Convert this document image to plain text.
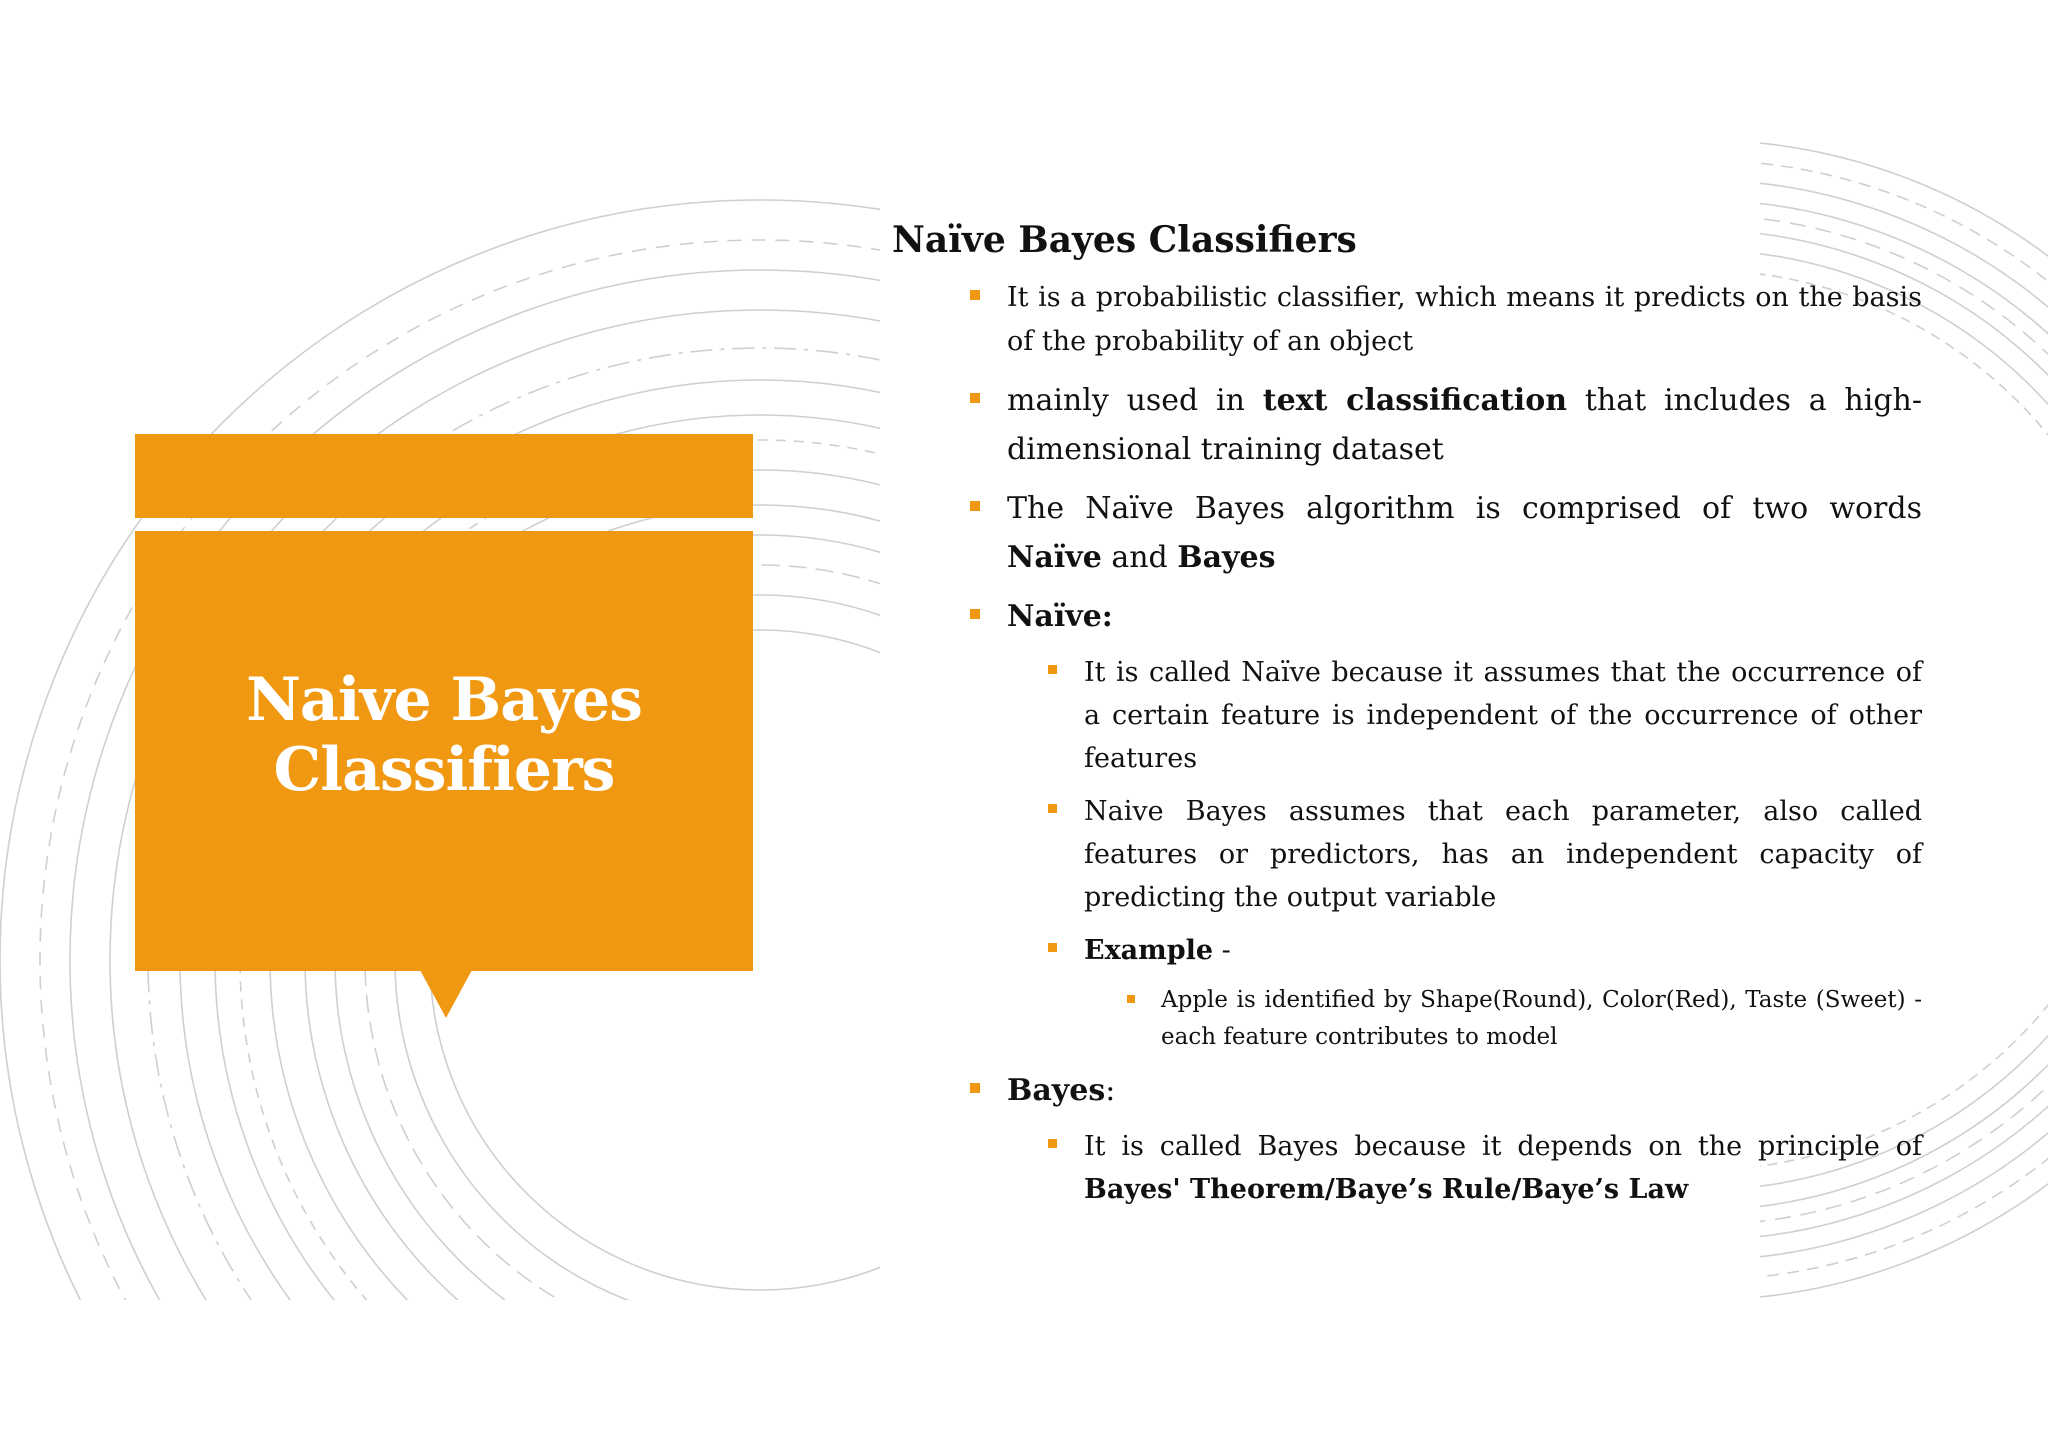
Naive Bayes
Classifiers
Naïve Bayes Classifiers
It is a probabilistic classifier, which means it predicts on the basis of the probability of an object
mainly used in text classification that includes a high-dimensional training dataset
The Naïve Bayes algorithm is comprised of two words Naïve and Bayes
Naïve:
It is called Naïve because it assumes that the occurrence of a certain feature is independent of the occurrence of other features
Naive Bayes assumes that each parameter, also called features or predictors, has an independent capacity of predicting the output variable
Example -
Apple is identified by Shape(Round), Color(Red), Taste (Sweet) - each feature contributes to model
Bayes:
It is called Bayes because it depends on the principle of Bayes' Theorem/Baye’s Rule/Baye’s Law
